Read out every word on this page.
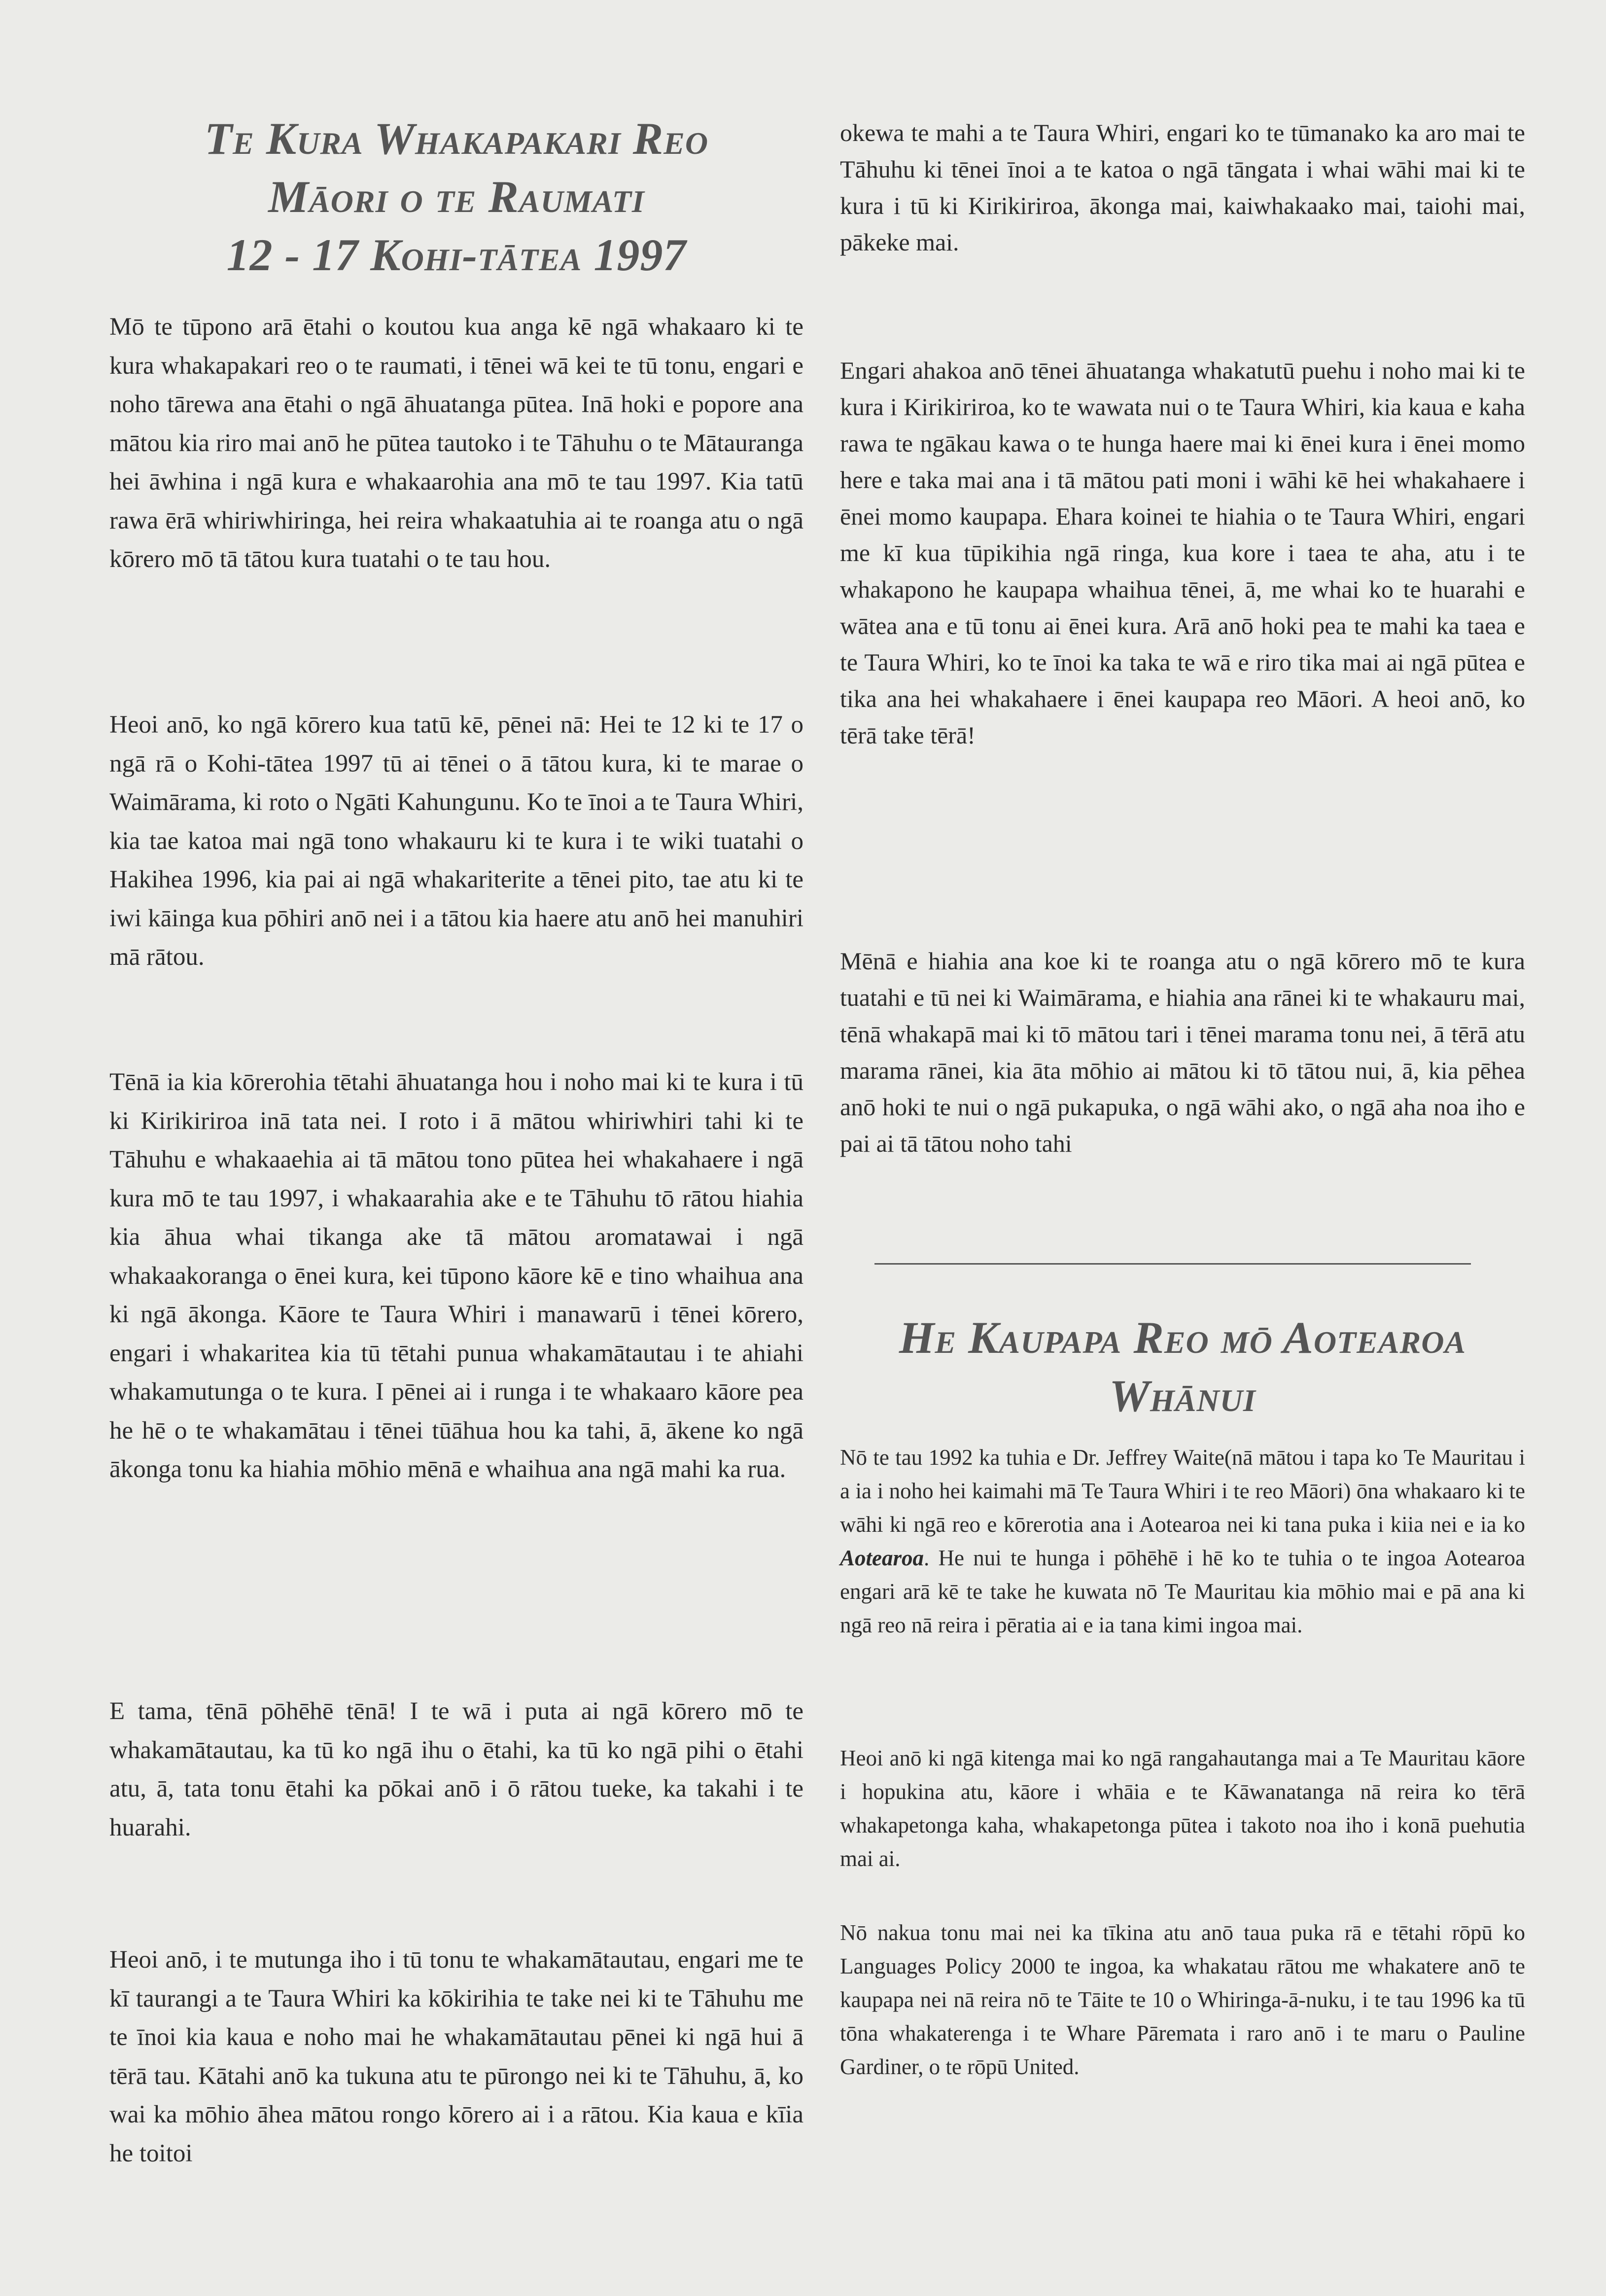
Te Kura Whakapakari Reo
Māori o te Raumati
12 - 17 Kohi-tātea 1997

Mō te tūpono arā ētahi o koutou kua anga kē ngā whakaaro ki te kura whakapakari reo o te raumati, i tēnei wā kei te tū tonu, engari e noho tārewa ana ētahi o ngā āhuatanga pūtea. Inā hoki e popore ana mātou kia riro mai anō he pūtea tautoko i te Tāhuhu o te Mātauranga hei āwhina i ngā kura e whakaarohia ana mō te tau 1997. Kia tatū rawa ērā whiriwhiringa, hei reira whakaatuhia ai te roanga atu o ngā kōrero mō tā tātou kura tuatahi o te tau hou.

Heoi anō, ko ngā kōrero kua tatū kē, pēnei nā: Hei te 12 ki te 17 o ngā rā o Kohi-tātea 1997 tū ai tēnei o ā tātou kura, ki te marae o Waimārama, ki roto o Ngāti Kahungunu. Ko te īnoi a te Taura Whiri, kia tae katoa mai ngā tono whakauru ki te kura i te wiki tuatahi o Hakihea 1996, kia pai ai ngā whakariterite a tēnei pito, tae atu ki te iwi kāinga kua pōhiri anō nei i a tātou kia haere atu anō hei manuhiri mā rātou.

Tēnā ia kia kōrerohia tētahi āhuatanga hou i noho mai ki te kura i tū ki Kirikiriroa inā tata nei. I roto i ā mātou whiriwhiri tahi ki te Tāhuhu e whakaaehia ai tā mātou tono pūtea hei whakahaere i ngā kura mō te tau 1997, i whakaarahia ake e te Tāhuhu tō rātou hiahia kia āhua whai tikanga ake tā mātou aromatawai i ngā whakaakoranga o ēnei kura, kei tūpono kāore kē e tino whaihua ana ki ngā ākonga. Kāore te Taura Whiri i manawarū i tēnei kōrero, engari i whakaritea kia tū tētahi punua whakamātautau i te ahiahi whakamutunga o te kura. I pēnei ai i runga i te whakaaro kāore pea he hē o te whakamātau i tēnei tūāhua hou ka tahi, ā, ākene ko ngā ākonga tonu ka hiahia mōhio mēnā e whaihua ana ngā mahi ka rua.

E tama, tēnā pōhēhē tēnā! I te wā i puta ai ngā kōrero mō te whakamātautau, ka tū ko ngā ihu o ētahi, ka tū ko ngā pihi o ētahi atu, ā, tata tonu ētahi ka pōkai anō i ō rātou tueke, ka takahi i te huarahi.

Heoi anō, i te mutunga iho i tū tonu te whakamātautau, engari me te kī taurangi a te Taura Whiri ka kōkirihia te take nei ki te Tāhuhu me te īnoi kia kaua e noho mai he whakamātautau pēnei ki ngā hui ā tērā tau. Kātahi anō ka tukuna atu te pūrongo nei ki te Tāhuhu, ā, ko wai ka mōhio āhea mātou rongo kōrero ai i a rātou. Kia kaua e kīia he toitoi

okewa te mahi a te Taura Whiri, engari ko te tūmanako ka aro mai te Tāhuhu ki tēnei īnoi a te katoa o ngā tāngata i whai wāhi mai ki te kura i tū ki Kirikiriroa, ākonga mai, kaiwhakaako mai, taiohi mai, pākeke mai.

Engari ahakoa anō tēnei āhuatanga whakatutū puehu i noho mai ki te kura i Kirikiriroa, ko te wawata nui o te Taura Whiri, kia kaua e kaha rawa te ngākau kawa o te hunga haere mai ki ēnei kura i ēnei momo here e taka mai ana i tā mātou pati moni i wāhi kē hei whakahaere i ēnei momo kaupapa. Ehara koinei te hiahia o te Taura Whiri, engari me kī kua tūpikihia ngā ringa, kua kore i taea te aha, atu i te whakapono he kaupapa whaihua tēnei, ā, me whai ko te huarahi e wātea ana e tū tonu ai ēnei kura. Arā anō hoki pea te mahi ka taea e te Taura Whiri, ko te īnoi ka taka te wā e riro tika mai ai ngā pūtea e tika ana hei whakahaere i ēnei kaupapa reo Māori. A heoi anō, ko tērā take tērā!

Mēnā e hiahia ana koe ki te roanga atu o ngā kōrero mō te kura tuatahi e tū nei ki Waimārama, e hiahia ana rānei ki te whakauru mai, tēnā whakapā mai ki tō mātou tari i tēnei marama tonu nei, ā tērā atu marama rānei, kia āta mōhio ai mātou ki tō tātou nui, ā, kia pēhea anō hoki te nui o ngā pukapuka, o ngā wāhi ako, o ngā aha noa iho e pai ai tā tātou noho tahi

He Kaupapa Reo mō Aotearoa
Whānui

Nō te tau 1992 ka tuhia e Dr. Jeffrey Waite(nā mātou i tapa ko Te Mauritau i a ia i noho hei kaimahi mā Te Taura Whiri i te reo Māori) ōna whakaaro ki te wāhi ki ngā reo e kōrerotia ana i Aotearoa nei ki tana puka i kiia nei e ia ko Aotearoa. He nui te hunga i pōhēhē i hē ko te tuhia o te ingoa Aotearoa engari arā kē te take he kuwata nō Te Mauritau kia mōhio mai e pā ana ki ngā reo nā reira i pēratia ai e ia tana kimi ingoa mai.

Heoi anō ki ngā kitenga mai ko ngā rangahautanga mai a Te Mauritau kāore i hopukina atu, kāore i whāia e te Kāwanatanga nā reira ko tērā whakapetonga kaha, whakapetonga pūtea i takoto noa iho i konā puehutia mai ai.

Nō nakua tonu mai nei ka tīkina atu anō taua puka rā e tētahi rōpū ko Languages Policy 2000 te ingoa, ka whakatau rātou me whakatere anō te kaupapa nei nā reira nō te Tāite te 10 o Whiringa-ā-nuku, i te tau 1996 ka tū tōna whakaterenga i te Whare Pāremata i raro anō i te maru o Pauline Gardiner, o te rōpū United.
